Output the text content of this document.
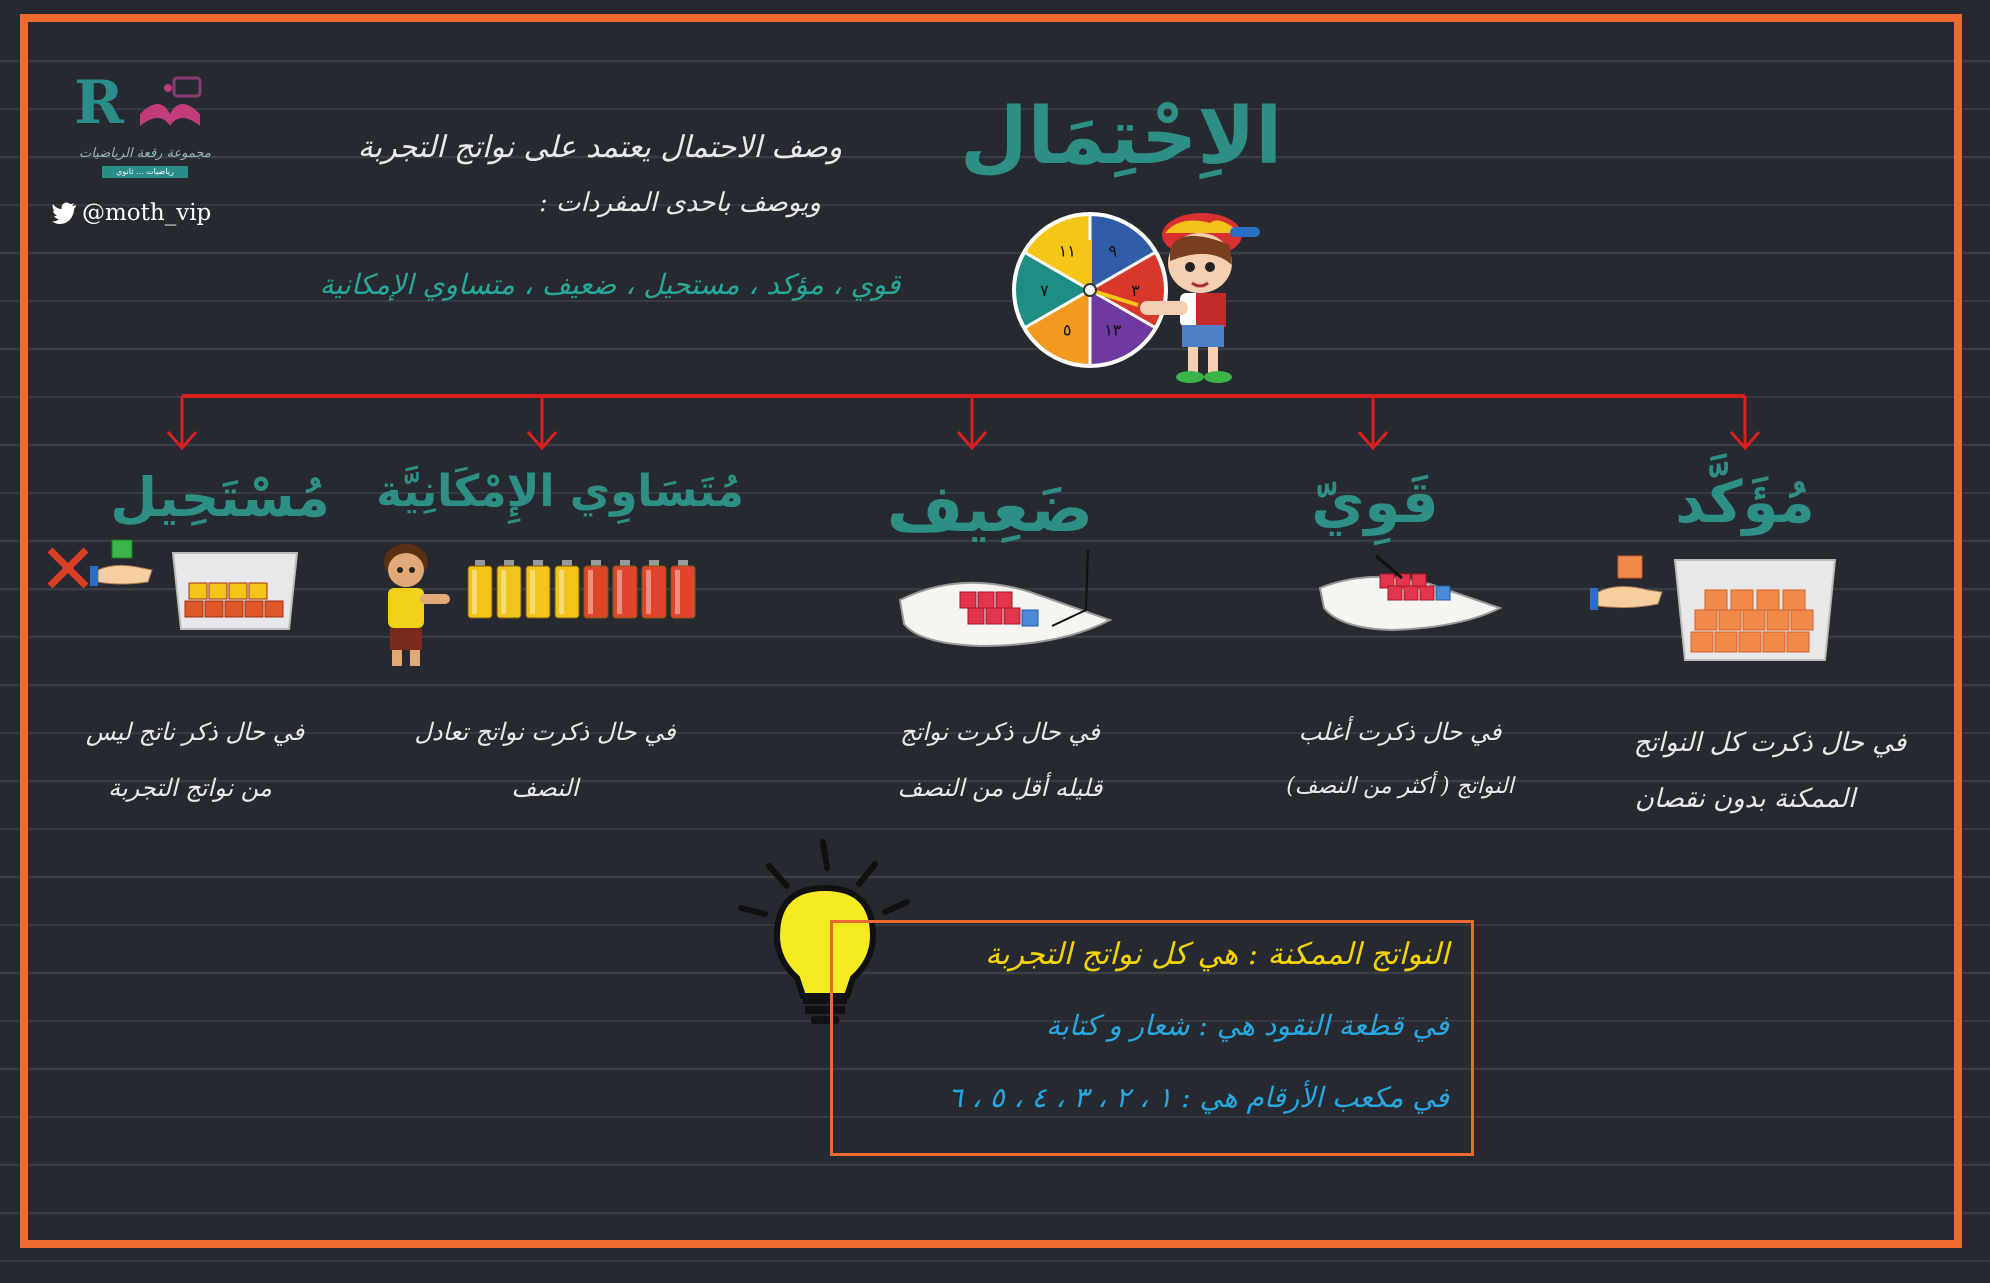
R
مجموعة رقعة الرياضيات
رياضيات ... ثانوي
@moth_vip
الاِحْتِمَال
وصف الاحتمال يعتمد على نواتج التجربة
ويوصف باحدى المفردات :
قوي ، مؤكد ، مستحيل ، ضعيف ، متساوي الإمكانية
٩
٣
١٣
٥
٧
١١
مُؤَكَّد
قَوِيّ
ضَعِيف
مُتَسَاوِي الإِمْكَانِيَّة
مُسْتَحِيل
في حال ذكرت كل النواتج
الممكنة بدون نقصان
في حال ذكرت أغلب
النواتج ( أكثر من النصف)
في حال ذكرت نواتج
قليله أقل من النصف
في حال ذكرت نواتج تعادل
النصف
في حال ذكر ناتج ليس
من نواتج التجربة
النواتج الممكنة : هي كل نواتج التجربة
في قطعة النقود هي : شعار و كتابة
في مكعب الأرقام هي : ١ ، ٢ ، ٣ ، ٤ ، ٥ ، ٦
